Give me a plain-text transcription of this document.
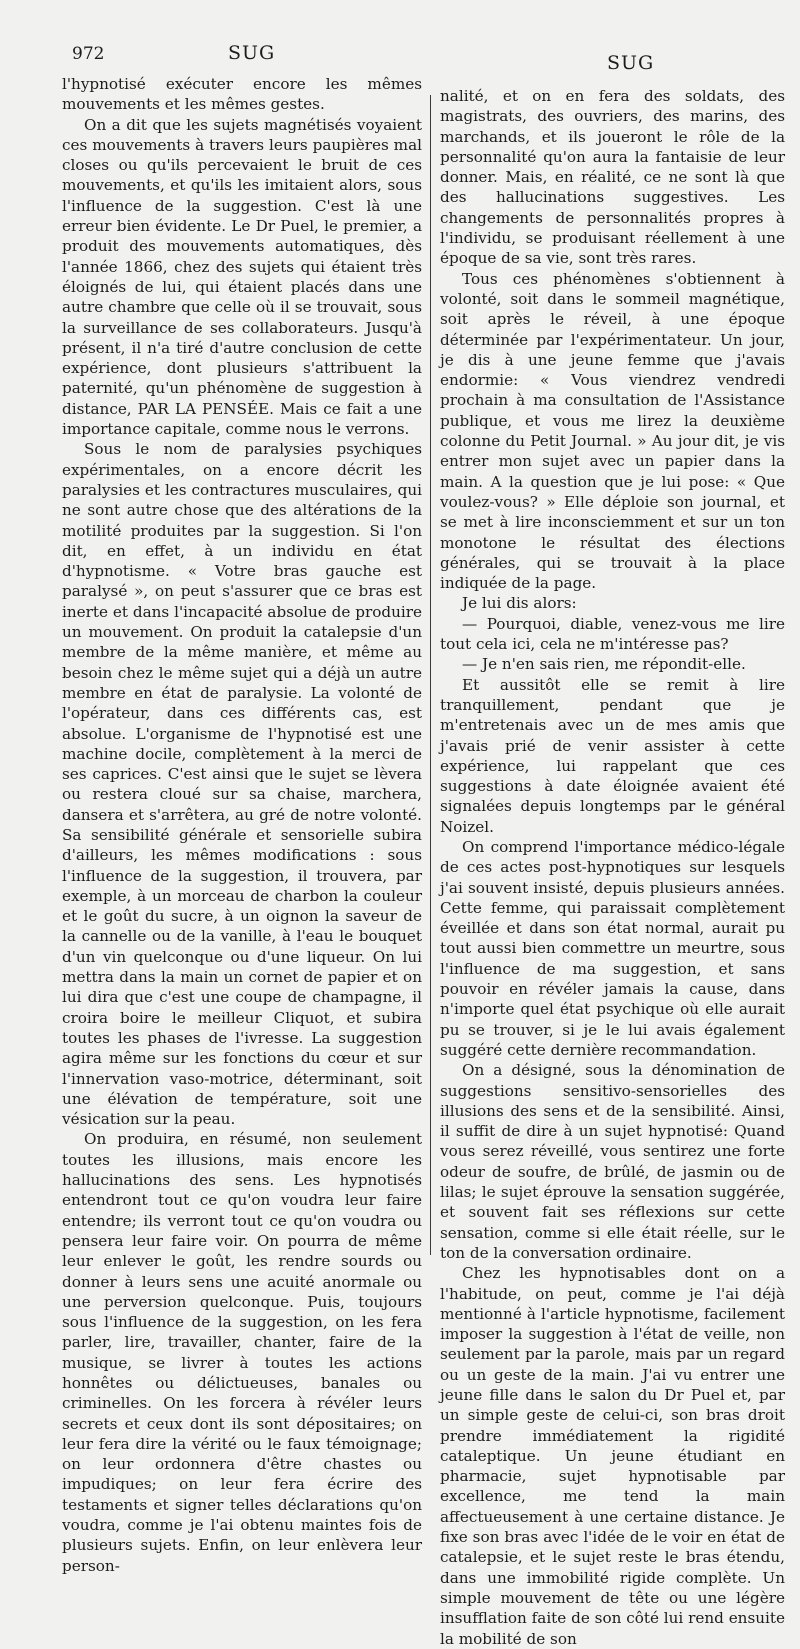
972	SUG	SUG

l'hypnotisé exécuter encore les mêmes mouvements et les mêmes gestes.

On a dit que les sujets magnétisés voyaient ces mouvements à travers leurs paupières mal closes ou qu'ils percevaient le bruit de ces mouvements, et qu'ils les imitaient alors, sous l'influence de la suggestion. C'est là une erreur bien évidente. Le Dr Puel, le premier, a produit des mouvements automatiques, dès l'année 1866, chez des sujets qui étaient très éloignés de lui, qui étaient placés dans une autre chambre que celle où il se trouvait, sous la surveillance de ses collaborateurs. Jusqu'à présent, il n'a tiré d'autre conclusion de cette expérience, dont plusieurs s'attribuent la paternité, qu'un phénomène de suggestion à distance, PAR LA PENSÉE. Mais ce fait a une importance capitale, comme nous le verrons.

Sous le nom de paralysies psychiques expérimentales, on a encore décrit les paralysies et les contractures musculaires, qui ne sont autre chose que des altérations de la motilité produites par la suggestion. Si l'on dit, en effet, à un individu en état d'hypnotisme. « Votre bras gauche est paralysé », on peut s'assurer que ce bras est inerte et dans l'incapacité absolue de produire un mouvement. On produit la catalepsie d'un membre de la même manière, et même au besoin chez le même sujet qui a déjà un autre membre en état de paralysie. La volonté de l'opérateur, dans ces différents cas, est absolue. L'organisme de l'hypnotisé est une machine docile, complètement à la merci de ses caprices. C'est ainsi que le sujet se lèvera ou restera cloué sur sa chaise, marchera, dansera et s'arrêtera, au gré de notre volonté. Sa sensibilité générale et sensorielle subira d'ailleurs, les mêmes modifications : sous l'influence de la suggestion, il trouvera, par exemple, à un morceau de charbon la couleur et le goût du sucre, à un oignon la saveur de la cannelle ou de la vanille, à l'eau le bouquet d'un vin quelconque ou d'une liqueur. On lui mettra dans la main un cornet de papier et on lui dira que c'est une coupe de champagne, il croira boire le meilleur Cliquot, et subira toutes les phases de l'ivresse. La suggestion agira même sur les fonctions du cœur et sur l'innervation vaso-motrice, déterminant, soit une élévation de température, soit une vésication sur la peau.

On produira, en résumé, non seulement toutes les illusions, mais encore les hallucinations des sens. Les hypnotisés entendront tout ce qu'on voudra leur faire entendre; ils verront tout ce qu'on voudra ou pensera leur faire voir. On pourra de même leur enlever le goût, les rendre sourds ou donner à leurs sens une acuité anormale ou une perversion quelconque. Puis, toujours sous l'influence de la suggestion, on les fera parler, lire, travailler, chanter, faire de la musique, se livrer à toutes les actions honnêtes ou délictueuses, banales ou criminelles. On les forcera à révéler leurs secrets et ceux dont ils sont dépositaires; on leur fera dire la vérité ou le faux témoignage; on leur ordonnera d'être chastes ou impudiques; on leur fera écrire des testaments et signer telles déclarations qu'on voudra, comme je l'ai obtenu maintes fois de plusieurs sujets. Enfin, on leur enlèvera leur person-

nalité, et on en fera des soldats, des magistrats, des ouvriers, des marins, des marchands, et ils joueront le rôle de la personnalité qu'on aura la fantaisie de leur donner. Mais, en réalité, ce ne sont là que des hallucinations suggestives. Les changements de personnalités propres à l'individu, se produisant réellement à une époque de sa vie, sont très rares.

Tous ces phénomènes s'obtiennent à volonté, soit dans le sommeil magnétique, soit après le réveil, à une époque déterminée par l'expérimentateur. Un jour, je dis à une jeune femme que j'avais endormie: « Vous viendrez vendredi prochain à ma consultation de l'Assistance publique, et vous me lirez la deuxième colonne du Petit Journal. » Au jour dit, je vis entrer mon sujet avec un papier dans la main. A la question que je lui pose: « Que voulez-vous? » Elle déploie son journal, et se met à lire inconsciemment et sur un ton monotone le résultat des élections générales, qui se trouvait à la place indiquée de la page.

Je lui dis alors:

— Pourquoi, diable, venez-vous me lire tout cela ici, cela ne m'intéresse pas?

— Je n'en sais rien, me répondit-elle.

Et aussitôt elle se remit à lire tranquillement, pendant que je m'entretenais avec un de mes amis que j'avais prié de venir assister à cette expérience, lui rappelant que ces suggestions à date éloignée avaient été signalées depuis longtemps par le général Noizel.

On comprend l'importance médico-légale de ces actes post-hypnotiques sur lesquels j'ai souvent insisté, depuis plusieurs années. Cette femme, qui paraissait complètement éveillée et dans son état normal, aurait pu tout aussi bien commettre un meurtre, sous l'influence de ma suggestion, et sans pouvoir en révéler jamais la cause, dans n'importe quel état psychique où elle aurait pu se trouver, si je le lui avais également suggéré cette dernière recommandation.

On a désigné, sous la dénomination de suggestions sensitivo-sensorielles des illusions des sens et de la sensibilité. Ainsi, il suffit de dire à un sujet hypnotisé: Quand vous serez réveillé, vous sentirez une forte odeur de soufre, de brûlé, de jasmin ou de lilas; le sujet éprouve la sensation suggérée, et souvent fait ses réflexions sur cette sensation, comme si elle était réelle, sur le ton de la conversation ordinaire.

Chez les hypnotisables dont on a l'habitude, on peut, comme je l'ai déjà mentionné à l'article hypnotisme, facilement imposer la suggestion à l'état de veille, non seulement par la parole, mais par un regard ou un geste de la main. J'ai vu entrer une jeune fille dans le salon du Dr Puel et, par un simple geste de celui-ci, son bras droit prendre immédiatement la rigidité cataleptique. Un jeune étudiant en pharmacie, sujet hypnotisable par excellence, me tend la main affectueusement à une certaine distance. Je fixe son bras avec l'idée de le voir en état de catalepsie, et le sujet reste le bras étendu, dans une immobilité rigide complète. Un simple mouvement de tête ou une légère insufflation faite de son côté lui rend ensuite la mobilité de son
